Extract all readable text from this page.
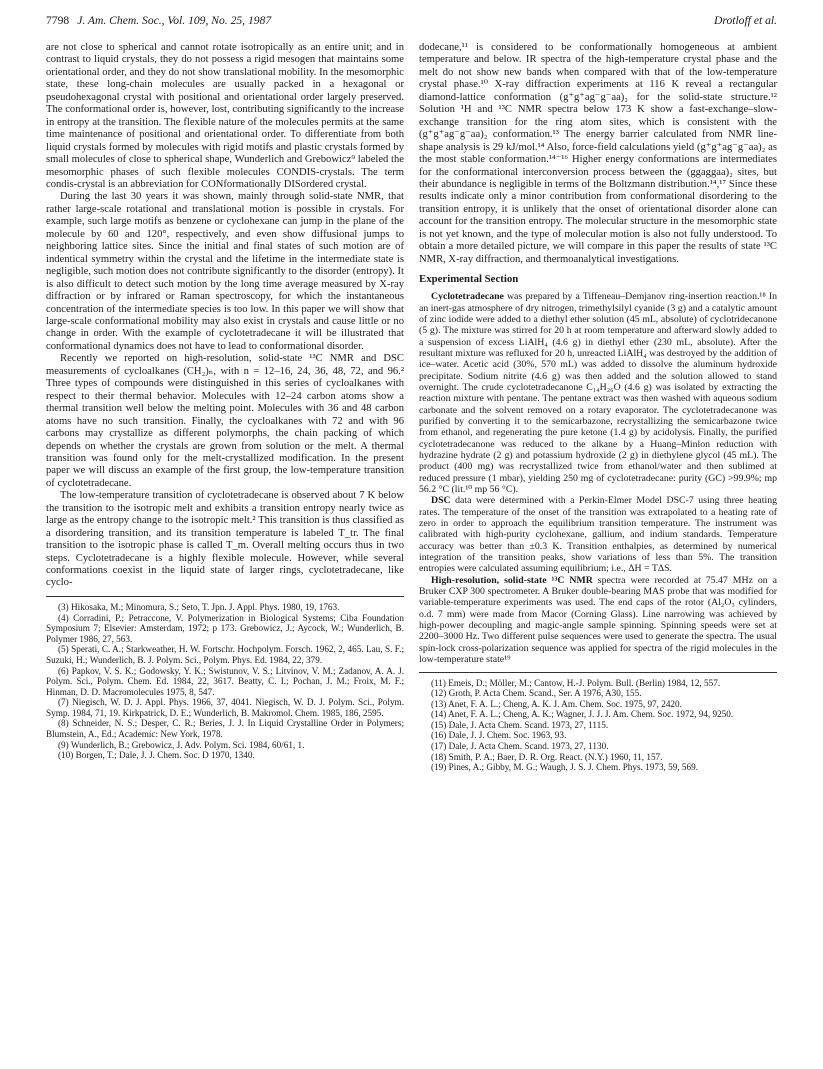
7798 J. Am. Chem. Soc., Vol. 109, No. 25, 1987	Drotloff et al.

are not close to spherical and cannot rotate isotropically as an entire unit; and in contrast to liquid crystals, they do not possess a rigid mesogen that maintains some orientational order, and they do not show translational mobility. In the mesomorphic state, these long-chain molecules are usually packed in a hexagonal or pseudohexagonal crystal with positional and orientational order largely preserved. The conformational order is, however, lost, contributing significantly to the increase in entropy at the transition. The flexible nature of the molecules permits at the same time maintenance of positional and orientational order. To differentiate from both liquid crystals formed by molecules with rigid motifs and plastic crystals formed by small molecules of close to spherical shape, Wunderlich and Grebowicz⁹ labeled the mesomorphic phases of such flexible molecules CONDIS-crystals. The term condis-crystal is an abbreviation for CONformationally DISordered crystal.

During the last 30 years it was shown, mainly through solid-state NMR, that rather large-scale rotational and translational motion is possible in crystals. For example, such large motifs as benzene or cyclohexane can jump in the plane of the molecule by 60 and 120°, respectively, and even show diffusional jumps to neighboring lattice sites. Since the initial and final states of such motion are of indentical symmetry within the crystal and the lifetime in the intermediate state is negligible, such motion does not contribute significantly to the disorder (entropy). It is also difficult to detect such motion by the long time average measured by X-ray diffraction or by infrared or Raman spectroscopy, for which the instantaneous concentration of the intermediate species is too low. In this paper we will show that large-scale conformational mobility may also exist in crystals and cause little or no change in order. With the example of cyclotetradecane it will be illustrated that conformational dynamics does not have to lead to conformational disorder.

Recently we reported on high-resolution, solid-state ¹³C NMR and DSC measurements of cycloalkanes (CH₂)ₙ, with n = 12–16, 24, 36, 48, 72, and 96.² Three types of compounds were distinguished in this series of cycloalkanes with respect to their thermal behavior. Molecules with 12–24 carbon atoms show a thermal transition well below the melting point. Molecules with 36 and 48 carbon atoms have no such transition. Finally, the cycloalkanes with 72 and with 96 carbons may crystallize as different polymorphs, the chain packing of which depends on whether the crystals are grown from solution or the melt. A thermal transition was found only for the melt-crystallized modification. In the present paper we will discuss an example of the first group, the low-temperature transition of cyclotetradecane.

The low-temperature transition of cyclotetradecane is observed about 7 K below the transition to the isotropic melt and exhibits a transition entropy nearly twice as large as the entropy change to the isotropic melt.² This transition is thus classified as a disordering transition, and its transition temperature is labeled T_tr. The final transition to the isotropic phase is called T_m. Overall melting occurs thus in two steps. Cyclotetradecane is a highly flexible molecule. However, while several conformations coexist in the liquid state of larger rings, cyclotetradecane, like cyclo-

(3) Hikosaka, M.; Minomura, S.; Seto, T. Jpn. J. Appl. Phys. 1980, 19, 1763.

(4) Corradini, P.; Petraccone, V. Polymerization in Biological Systems; Ciba Foundation Symposium 7; Elsevier: Amsterdam, 1972; p 173. Grebowicz, J.; Aycock, W.; Wunderlich, B. Polymer 1986, 27, 563.

(5) Sperati, C. A.; Starkweather, H. W. Fortschr. Hochpolym. Forsch. 1962, 2, 465. Lau, S. F.; Suzuki, H.; Wunderlich, B. J. Polym. Sci., Polym. Phys. Ed. 1984, 22, 379.

(6) Papkov, V. S. K.; Godowsky, Y. K.; Swistunov, V. S.; Litvinov, V. M.; Zadanov, A. A. J. Polym. Sci., Polym. Chem. Ed. 1984, 22, 3617. Beatty, C. I.; Pochan, J. M.; Froix, M. F.; Hinman, D. D. Macromolecules 1975, 8, 547.

(7) Niegisch, W. D. J. Appl. Phys. 1966, 37, 4041. Niegisch, W. D. J. Polym. Sci., Polym. Symp. 1984, 71, 19. Kirkpatrick, D. E.; Wunderlich, B. Makromol. Chem. 1985, 186, 2595.

(8) Schneider, N. S.; Desper, C. R.; Beries, J. J. In Liquid Crystalline Order in Polymers; Blumstein, A., Ed.; Academic: New York, 1978.

(9) Wunderlich, B.; Grebowicz, J. Adv. Polym. Sci. 1984, 60/61, 1.

(10) Borgen, T.; Dale, J. J. Chem. Soc. D 1970, 1340.

dodecane,¹¹ is considered to be conformationally homogeneous at ambient temperature and below. IR spectra of the high-temperature crystal phase and the melt do not show new bands when compared with that of the low-temperature crystal phase.¹⁰ X-ray diffraction experiments at 116 K reveal a rectangular diamond-lattice conformation (g⁺g⁺ag⁻g⁻aa)₂ for the solid-state structure.¹² Solution ¹H and ¹³C NMR spectra below 173 K show a fast-exchange–slow-exchange transition for the ring atom sites, which is consistent with the (g⁺g⁺ag⁻g⁻aa)₂ conformation.¹³ The energy barrier calculated from NMR line-shape analysis is 29 kJ/mol.¹⁴ Also, force-field calculations yield (g⁺g⁺ag⁻g⁻aa)₂ as the most stable conformation.¹⁴⁻¹⁶ Higher energy conformations are intermediates for the conformational interconversion process between the (ggaggaa)₂ sites, but their abundance is negligible in terms of the Boltzmann distribution.¹⁴,¹⁷ Since these results indicate only a minor contribution from conformational disordering to the transition entropy, it is unlikely that the onset of orientational disorder alone can account for the transition entropy. The molecular structure in the mesomorphic state is not yet known, and the type of molecular motion is also not fully understood. To obtain a more detailed picture, we will compare in this paper the results of state ¹³C NMR, X-ray diffraction, and thermoanalytical investigations.

Experimental Section

Cyclotetradecane was prepared by a Tiffeneau–Demjanov ring-insertion reaction.¹⁸ In an inert-gas atmosphere of dry nitrogen, trimethylsilyl cyanide (3 g) and a catalytic amount of zinc iodide were added to a diethyl ether solution (45 mL, absolute) of cyclotridecanone (5 g). The mixture was stirred for 20 h at room temperature and afterward slowly added to a suspension of excess LiAlH₄ (4.6 g) in diethyl ether (230 mL, absolute). After the resultant mixture was refluxed for 20 h, unreacted LiAlH₄ was destroyed by the addition of ice–water. Acetic acid (30%, 570 mL) was added to dissolve the aluminum hydroxide precipitate. Sodium nitrite (4.6 g) was then added and the solution allowed to stand overnight. The crude cyclotetradecanone C₁₄H₂₆O (4.6 g) was isolated by extracting the reaction mixture with pentane. The pentane extract was then washed with aqueous sodium carbonate and the solvent removed on a rotary evaporator. The cyclotetradecanone was purified by converting it to the semicarbazone, recrystallizing the semicarbazone twice from ethanol, and regenerating the pure ketone (1.4 g) by acidolysis. Finally, the purified cyclotetradecanone was reduced to the alkane by a Huang–Minlon reduction with hydrazine hydrate (2 g) and potassium hydroxide (2 g) in diethylene glycol (45 mL). The product (400 mg) was recrystallized twice from ethanol/water and then sublimed at reduced pressure (1 mbar), yielding 250 mg of cyclotetradecane: purity (GC) >99.9%; mp 56.2 °C (lit.¹⁰ mp 56 °C).

DSC data were determined with a Perkin-Elmer Model DSC-7 using three heating rates. The temperature of the onset of the transition was extrapolated to a heating rate of zero in order to approach the equilibrium transition temperature. The instrument was calibrated with high-purity cyclohexane, gallium, and indium standards. Temperature accuracy was better than ±0.3 K. Transition enthalpies, as determined by numerical integration of the transition peaks, show variations of less than 5%. The transition entropies were calculated assuming equilibrium; i.e., ΔH = TΔS.

High-resolution, solid-state ¹³C NMR spectra were recorded at 75.47 MHz on a Bruker CXP 300 spectrometer. A Bruker double-bearing MAS probe that was modified for variable-temperature experiments was used. The end caps of the rotor (Al₂O₃ cylinders, o.d. 7 mm) were made from Macor (Corning Glass). Line narrowing was achieved by high-power decoupling and magic-angle sample spinning. Spinning speeds were set at 2200–3000 Hz. Two different pulse sequences were used to generate the spectra. The usual spin-lock cross-polarization sequence was applied for spectra of the rigid molecules in the low-temperature state¹⁹

(11) Emeis, D.; Möller, M.; Cantow, H.-J. Polym. Bull. (Berlin) 1984, 12, 557.

(12) Groth, P. Acta Chem. Scand., Ser. A 1976, A30, 155.

(13) Anet, F. A. L.; Cheng, A. K. J. Am. Chem. Soc. 1975, 97, 2420.

(14) Anet, F. A. L.; Cheng, A. K.; Wagner, J. J. J. Am. Chem. Soc. 1972, 94, 9250.

(15) Dale, J. Acta Chem. Scand. 1973, 27, 1115.

(16) Dale, J. J. Chem. Soc. 1963, 93.

(17) Dale, J. Acta Chem. Scand. 1973, 27, 1130.

(18) Smith, P. A.; Baer, D. R. Org. React. (N.Y.) 1960, 11, 157.

(19) Pines, A.; Gibby, M. G.; Waugh, J. S. J. Chem. Phys. 1973, 59, 569.
